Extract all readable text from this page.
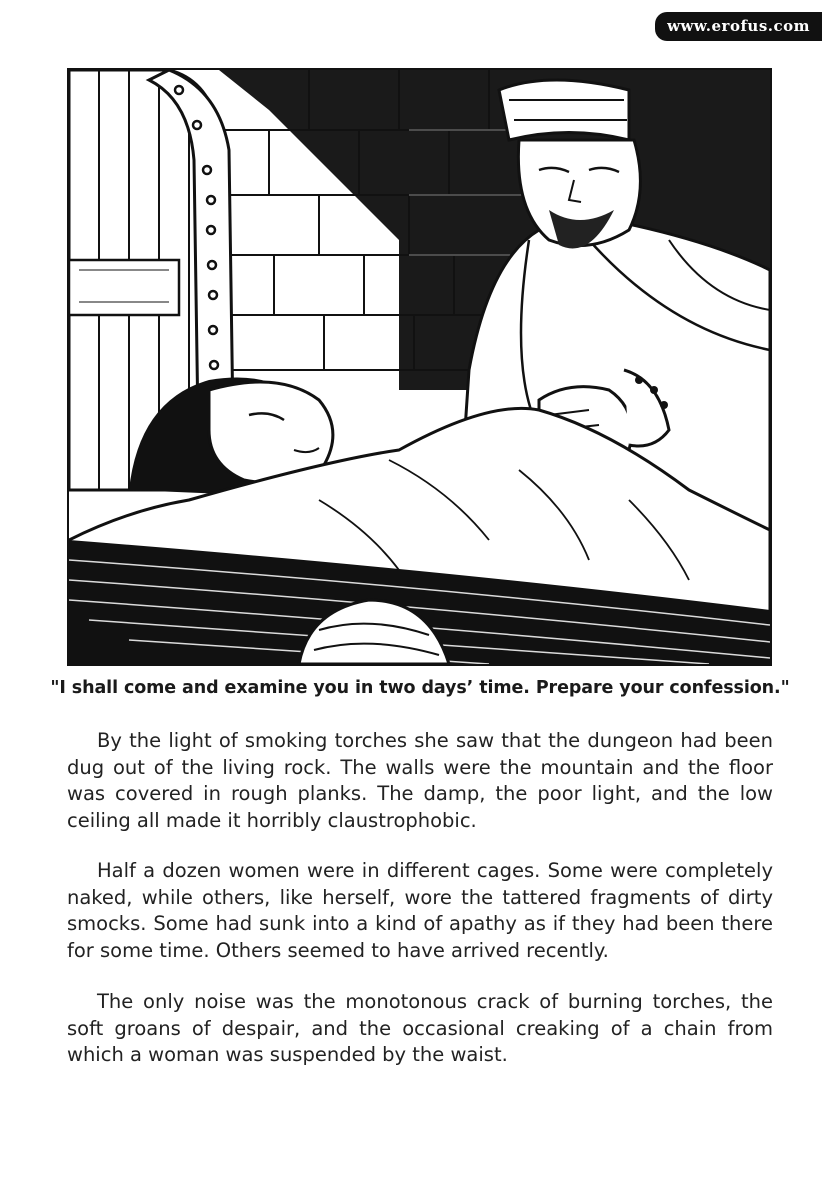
www.erofus.com
"I shall come and examine you in two days’ time. Prepare your confession."

By the light of smoking torches she saw that the dungeon had been dug out of the living rock. The walls were the mountain and the floor was covered in rough planks. The damp, the poor light, and the low ceiling all made it horribly claustrophobic.

Half a dozen women were in different cages. Some were completely naked, while others, like herself, wore the tattered fragments of dirty smocks. Some had sunk into a kind of apathy as if they had been there for some time. Others seemed to have arrived recently.

The only noise was the monotonous crack of burning torches, the soft groans of despair, and the occasional creaking of a chain from which a woman was suspended by the waist.
